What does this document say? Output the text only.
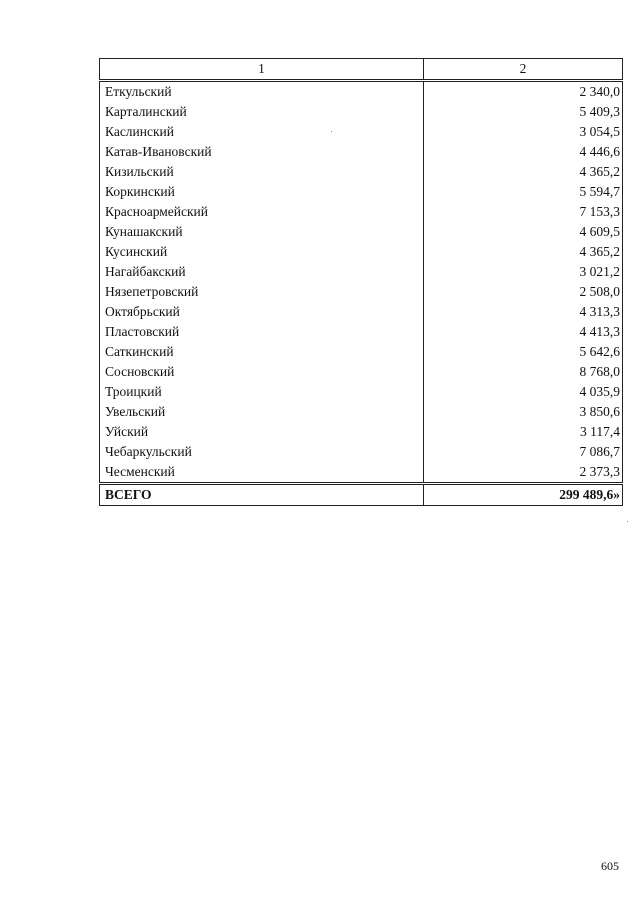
1	2
Еткульский	2 340,0
Карталинский	5 409,3
Каслинский	3 054,5
Катав-Ивановский	4 446,6
Кизильский	4 365,2
Коркинский	5 594,7
Красноармейский	7 153,3
Кунашакский	4 609,5
Кусинский	4 365,2
Нагайбакский	3 021,2
Нязепетровский	2 508,0
Октябрьский	4 313,3
Пластовский	4 413,3
Саткинский	5 642,6
Сосновский	8 768,0
Троицкий	4 035,9
Увельский	3 850,6
Уйский	3 117,4
Чебаркульский	7 086,7
Чесменский	2 373,3
ВСЕГО	299 489,6»
605
